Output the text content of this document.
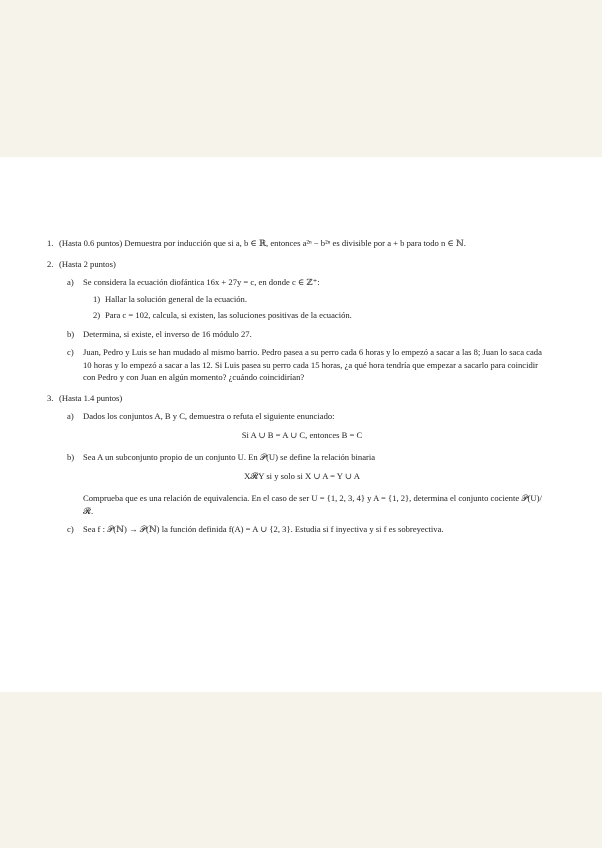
1. (Hasta 0.6 puntos) Demuestra por inducción que si a, b ∈ ℝ, entonces a²ⁿ − b²ⁿ es divisible por a + b para todo n ∈ ℕ.

2. (Hasta 2 puntos)

a) Se considera la ecuación diofántica 16x + 27y = c, en donde c ∈ ℤ⁺:

1) Hallar la solución general de la ecuación.

2) Para c = 102, calcula, si existen, las soluciones positivas de la ecuación.

b) Determina, si existe, el inverso de 16 módulo 27.

c) Juan, Pedro y Luis se han mudado al mismo barrio. Pedro pasea a su perro cada 6 horas y lo empezó a sacar a las 8; Juan lo saca cada 10 horas y lo empezó a sacar a las 12. Si Luis pasea su perro cada 15 horas, ¿a qué hora tendría que empezar a sacarlo para coincidir con Pedro y con Juan en algún momento? ¿cuándo coincidirían?

3. (Hasta 1.4 puntos)

a) Dados los conjuntos A, B y C, demuestra o refuta el siguiente enunciado:

Si A ∪ B = A ∪ C, entonces B = C

b) Sea A un subconjunto propio de un conjunto U. En 𝒫(U) se define la relación binaria

X𝓡Y si y solo si X ∪ A = Y ∪ A

Comprueba que es una relación de equivalencia. En el caso de ser U = {1, 2, 3, 4} y A = {1, 2}, determina el conjunto cociente 𝒫(U)/𝓡.

c) Sea f : 𝒫(ℕ) → 𝒫(ℕ) la función definida f(A) = A ∪ {2, 3}. Estudia si f inyectiva y si f es sobreyectiva.
